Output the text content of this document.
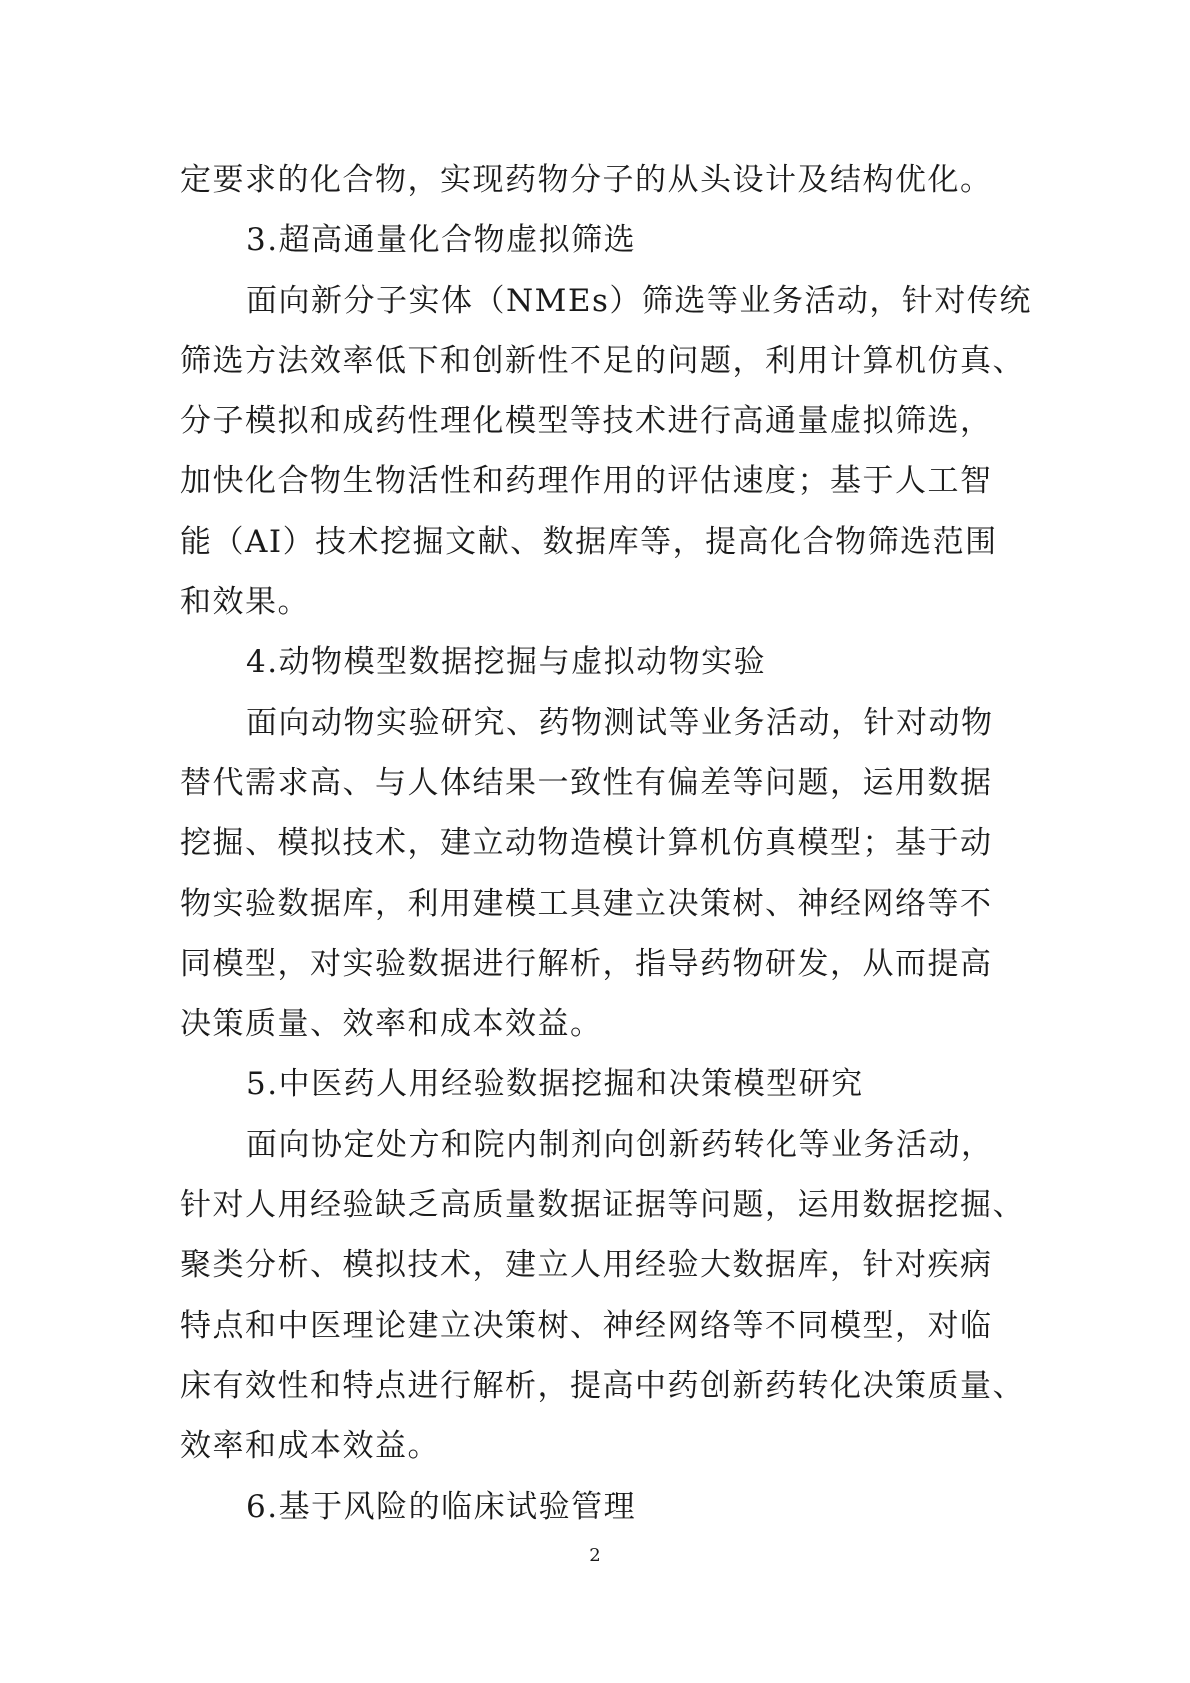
定要求的化合物，实现药物分子的从头设计及结构优化。
3.超高通量化合物虚拟筛选
面向新分子实体（NMEs）筛选等业务活动，针对传统
筛选方法效率低下和创新性不足的问题，利用计算机仿真、
分子模拟和成药性理化模型等技术进行高通量虚拟筛选，
加快化合物生物活性和药理作用的评估速度；基于人工智
能（AI）技术挖掘文献、数据库等，提高化合物筛选范围
和效果。
4.动物模型数据挖掘与虚拟动物实验
面向动物实验研究、药物测试等业务活动，针对动物
替代需求高、与人体结果一致性有偏差等问题，运用数据
挖掘、模拟技术，建立动物造模计算机仿真模型；基于动
物实验数据库，利用建模工具建立决策树、神经网络等不
同模型，对实验数据进行解析，指导药物研发，从而提高
决策质量、效率和成本效益。
5.中医药人用经验数据挖掘和决策模型研究
面向协定处方和院内制剂向创新药转化等业务活动，
针对人用经验缺乏高质量数据证据等问题，运用数据挖掘、
聚类分析、模拟技术，建立人用经验大数据库，针对疾病
特点和中医理论建立决策树、神经网络等不同模型，对临
床有效性和特点进行解析，提高中药创新药转化决策质量、
效率和成本效益。
6.基于风险的临床试验管理
2
